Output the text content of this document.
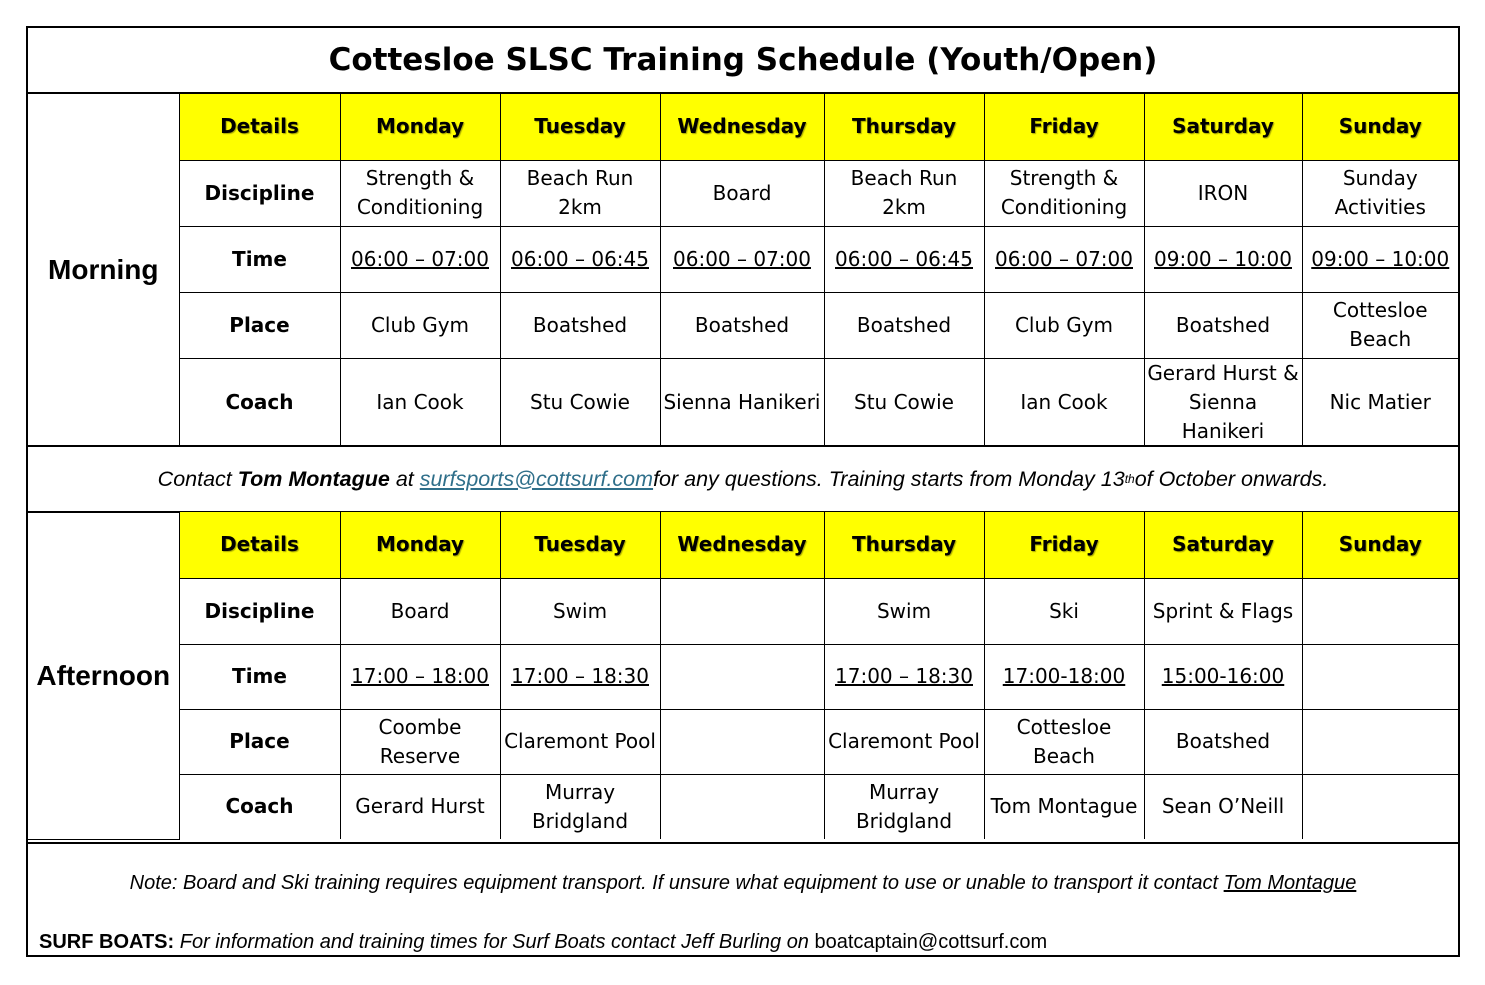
Cottesloe SLSC Training Schedule (Youth/Open)
Morning	Details	Monday	Tuesday	Wednesday	Thursday	Friday	Saturday	Sunday
	Discipline	Strength & Conditioning	Beach Run 2km	Board	Beach Run 2km	Strength & Conditioning	IRON	Sunday Activities
	Time	06:00 – 07:00	06:00 – 06:45	06:00 – 07:00	06:00 – 06:45	06:00 – 07:00	09:00 – 10:00	09:00 – 10:00
	Place	Club Gym	Boatshed	Boatshed	Boatshed	Club Gym	Boatshed	Cottesloe Beach
	Coach	Ian Cook	Stu Cowie	Sienna Hanikeri	Stu Cowie	Ian Cook	Gerard Hurst & Sienna Hanikeri	Nic Matier
Contact
Tom Montague
at
surfsports@cottsurf.com for any questions. Training starts from Monday 13 th of October onwards.
Afternoon	Details	Monday	Tuesday	Wednesday	Thursday	Friday	Saturday	Sunday
	Discipline	Board	Swim		Swim	Ski	Sprint & Flags	
	Time	17:00 – 18:00	17:00 – 18:30		17:00 – 18:30	17:00-18:00	15:00-16:00	
	Place	Coombe Reserve	Claremont Pool		Claremont Pool	Cottesloe Beach	Boatshed	
	Coach	Gerard Hurst	Murray Bridgland		Murray Bridgland	Tom Montague	Sean O’Neill	
Note: Board and Ski training requires equipment transport. If unsure what equipment to use or unable to transport it contact Tom Montague
SURF BOATS: For information and training times for Surf Boats contact Jeff Burling on boatcaptain@cottsurf.com
